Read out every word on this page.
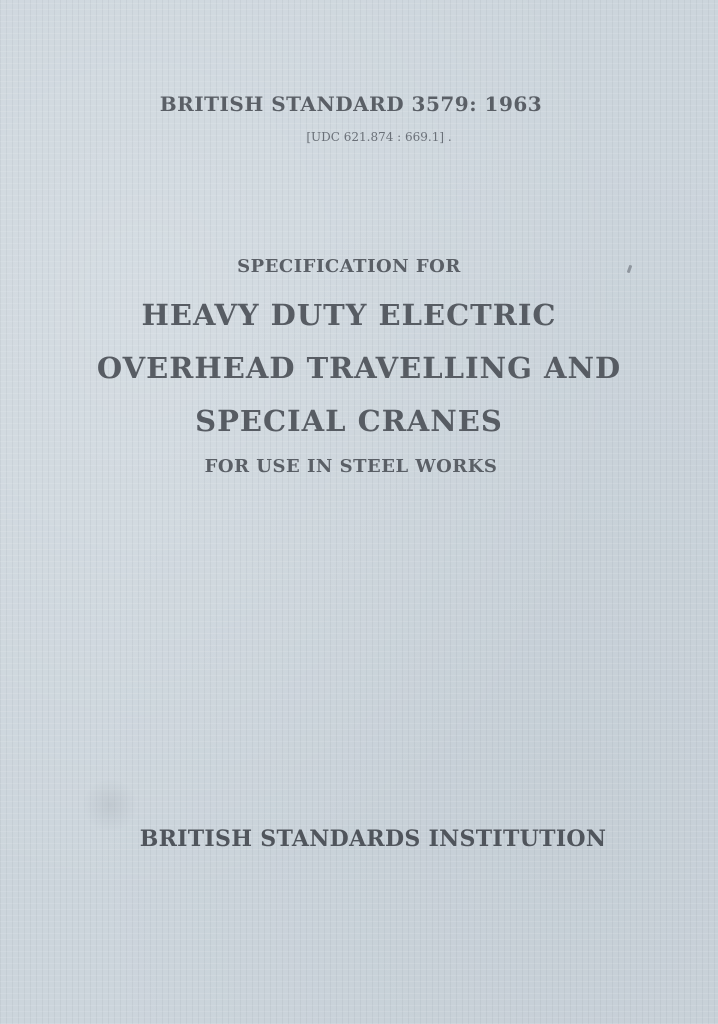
BRITISH STANDARD 3579: 1963
[UDC 621.874 : 669.1] .
SPECIFICATION FOR
HEAVY DUTY ELECTRIC
OVERHEAD TRAVELLING AND
SPECIAL CRANES
FOR USE IN STEEL WORKS
BRITISH STANDARDS INSTITUTION
